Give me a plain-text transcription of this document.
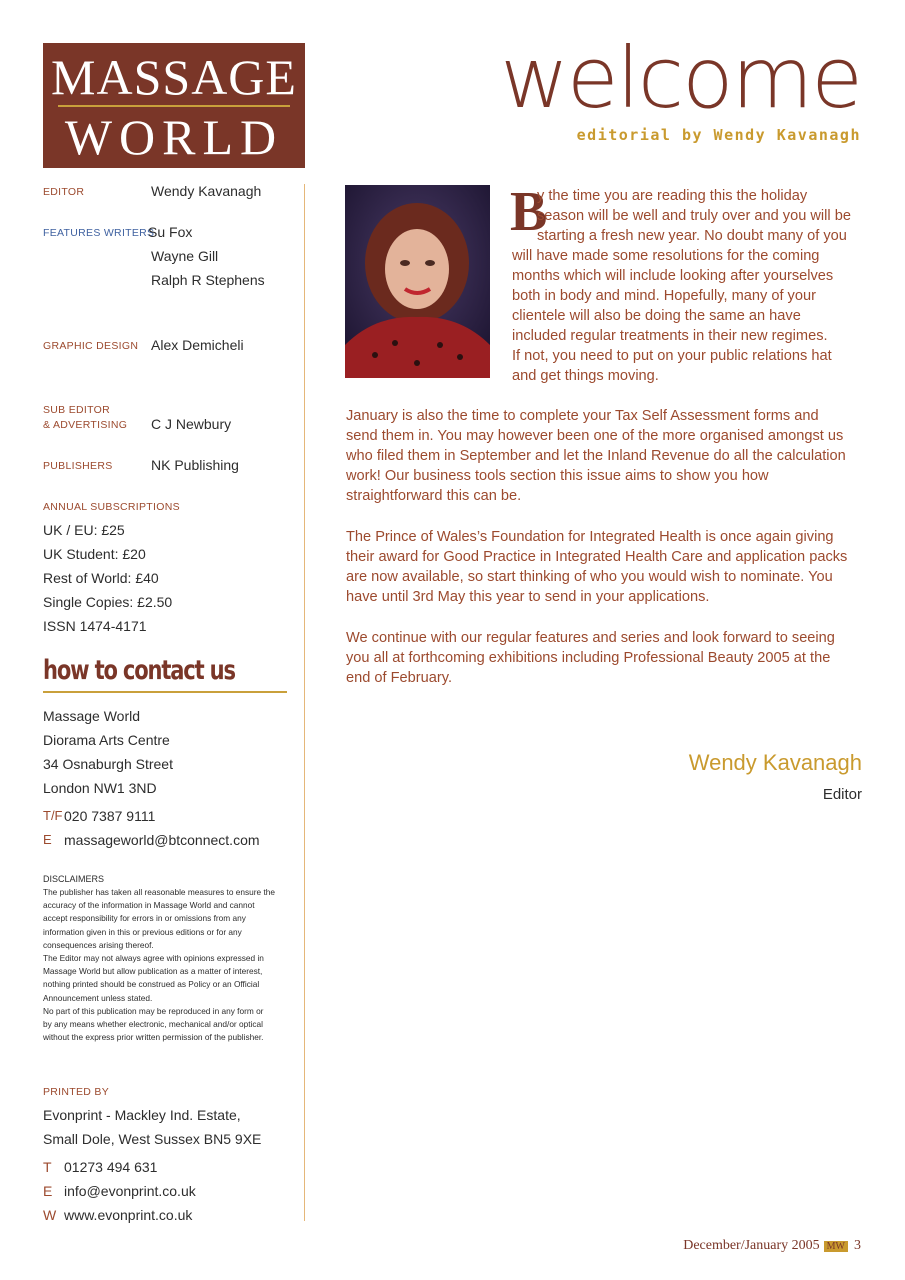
MASSAGE
WORLD
welcome
editorial by Wendy Kavanagh
EDITOR	Wendy Kavanagh
FEATURES WRITERS
Su Fox
Wayne Gill
Ralph R Stephens
GRAPHIC DESIGN Alex Demicheli
SUB EDITOR
& ADVERTISING C J Newbury
PUBLISHERS	NK Publishing
ANNUAL SUBSCRIPTIONS
UK / EU: £25
UK Student: £20
Rest of World: £40
Single Copies: £2.50
ISSN 1474-4171
how to contact us
Massage World
Diorama Arts Centre
34 Osnaburgh Street
London NW1 3ND
T/F 020 7387 9111
E massageworld@btconnect.com
DISCLAIMERS
The publisher has taken all reasonable measures to ensure the
accuracy of the information in Massage World and cannot
accept responsibility for errors in or omissions from any
information given in this or previous editions or for any
consequences arising thereof.
The Editor may not always agree with opinions expressed in
Massage World but allow publication as a matter of interest,
nothing printed should be construed as Policy or an Official
Announcement unless stated.
No part of this publication may be reproduced in any form or
by any means whether electronic, mechanical and/or optical
without the express prior written permission of the publisher.
PRINTED BY
Evonprint - Mackley Ind. Estate,
Small Dole, West Sussex BN5 9XE
T 01273 494 631
E info@evonprint.co.uk
W www.evonprint.co.uk
B
y the time you are reading this the holiday
season will be well and truly over and you will be
starting a fresh new year. No doubt many of you
will have made some resolutions for the coming
months which will include looking after yourselves
both in body and mind. Hopefully, many of your
clientele will also be doing the same an have
included regular treatments in their new regimes.
If not, you need to put on your public relations hat
and get things moving.
January is also the time to complete your Tax Self Assessment forms and
send them in. You may however been one of the more organised amongst us
who filed them in September and let the Inland Revenue do all the calculation
work! Our business tools section this issue aims to show you how
straightforward this can be.
The Prince of Wales’s Foundation for Integrated Health is once again giving
their award for Good Practice in Integrated Health Care and application packs
are now available, so start thinking of who you would wish to nominate. You
have until 3rd May this year to send in your applications.
We continue with our regular features and series and look forward to seeing
you all at forthcoming exhibitions including Professional Beauty 2005 at the
end of February.
Wendy Kavanagh
Editor
December/January 2005 MW 3
